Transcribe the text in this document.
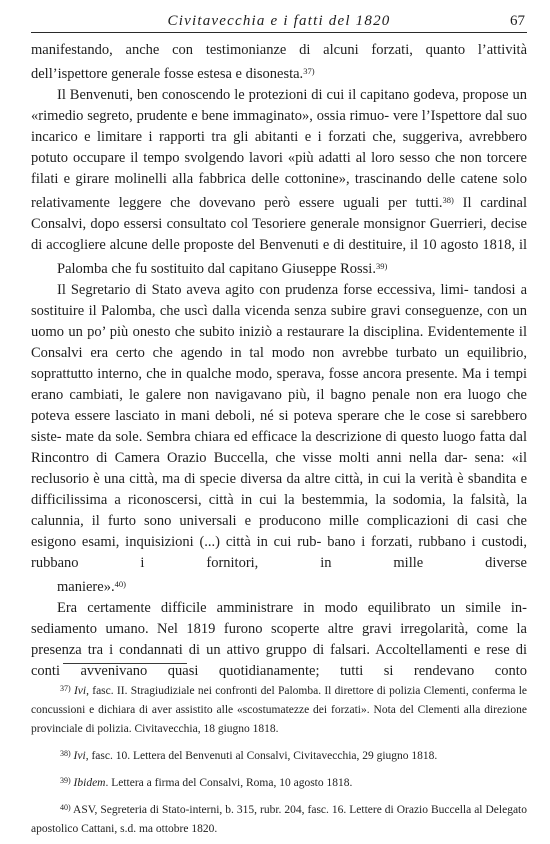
Civitavecchia e i fatti del 1820	67

manifestando, anche con testimonianze di alcuni forzati, quanto l’attività
dell’ispettore generale fosse estesa e disonesta.$^{37)}$

Il Benvenuti, ben conoscendo le protezioni di cui il capitano godeva, propose un «rimedio segreto, prudente e bene immaginato», ossia rimuo- vere l’Ispettore dal suo incarico e limitare i rapporti tra gli abitanti e i forzati che, suggeriva, avrebbero potuto occupare il tempo svolgendo lavori «più adatti al loro sesso che non torcere filati e girare molinelli alla fabbrica delle cottonine», trascinando delle catene solo relativamente leggere che dovevano però essere uguali per tutti.$^{38)}$ Il cardinal Consalvi, dopo essersi consultato col Tesoriere generale monsignor Guerrieri, decise di accogliere alcune delle proposte del Benvenuti e di destituire, il 10 agosto 1818, il
Palomba che fu sostituito dal capitano Giuseppe Rossi.$^{39)}$

Il Segretario di Stato aveva agito con prudenza forse eccessiva, limi- tandosi a sostituire il Palomba, che uscì dalla vicenda senza subire gravi conseguenze, con un uomo un po’ più onesto che subito iniziò a restaurare la disciplina. Evidentemente il Consalvi era certo che agendo in tal modo non avrebbe turbato un equilibrio, soprattutto interno, che in qualche modo, sperava, fosse ancora presente. Ma i tempi erano cambiati, le galere non navigavano più, il bagno penale non era luogo che poteva essere lasciato in mani deboli, né si poteva sperare che le cose si sarebbero siste- mate da sole. Sembra chiara ed efficace la descrizione di questo luogo fatta dal Rincontro di Camera Orazio Buccella, che visse molti anni nella dar- sena: «il reclusorio è una città, ma di specie diversa da altre città, in cui la verità è sbandita e difficilissima a riconoscersi, città in cui la bestemmia, la sodomia, la falsità, la calunnia, il furto sono universali e producono mille complicazioni di casi che esigono esami, inquisizioni (...) città in cui rub- bano i forzati, rubbano i custodi, rubbano i fornitori, in mille diverse
maniere».$^{40)}$

Era certamente difficile amministrare in modo equilibrato un simile in- sediamento umano. Nel 1819 furono scoperte altre gravi irregolarità, come la presenza tra i condannati di un attivo gruppo di falsari. Accoltellamenti e rese di conti avvenivano quasi quotidianamente; tutti si rendevano conto

$^{37)}$ Ivi, fasc. II. Stragiudiziale nei confronti del Palomba. Il direttore di polizia Clementi, conferma le concussioni e dichiara di aver assistito alle «scostumatezze dei forzati». Nota del Clementi alla direzione provinciale di polizia. Civitavecchia, 18 giugno 1818.

$^{38)}$ Ivi, fasc. 10. Lettera del Benvenuti al Consalvi, Civitavecchia, 29 giugno 1818.

$^{39)}$ Ibidem. Lettera a firma del Consalvi, Roma, 10 agosto 1818.

$^{40)}$ ASV, Segreteria di Stato-interni, b. 315, rubr. 204, fasc. 16. Lettere di Orazio Buccella al Delegato apostolico Cattani, s.d. ma ottobre 1820.
